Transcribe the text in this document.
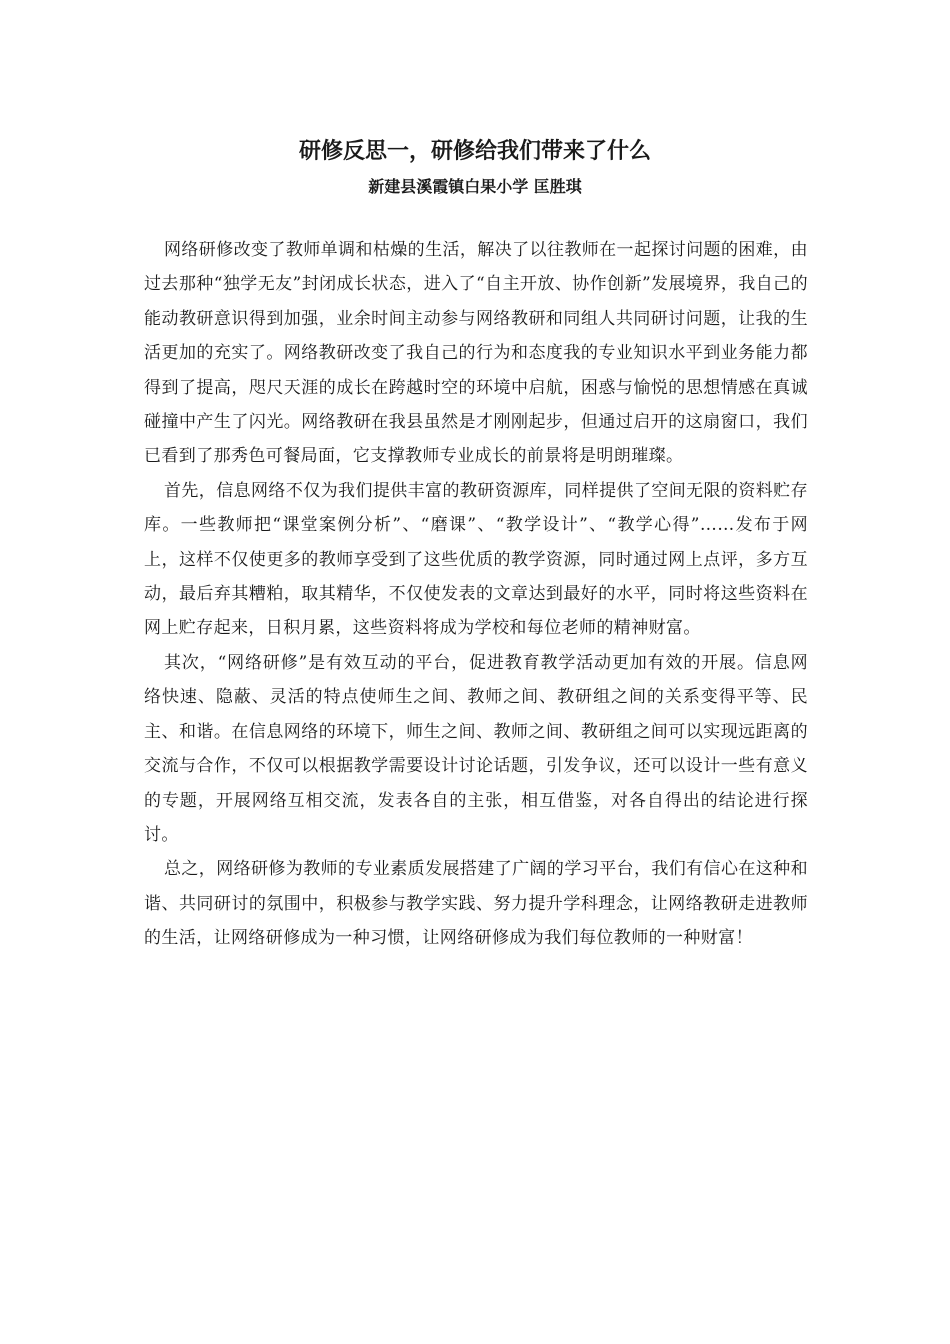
研修反思一，研修给我们带来了什么
新建县溪霞镇白果小学 匡胜琪

网络研修改变了教师单调和枯燥的生活，解决了以往教师在一起探讨问题的困难，由过去那种“独学无友”封闭成长状态，进入了“自主开放、协作创新”发展境界，我自己的能动教研意识得到加强，业余时间主动参与网络教研和同组人共同研讨问题，让我的生活更加的充实了。网络教研改变了我自己的行为和态度我的专业知识水平到业务能力都得到了提高，咫尺天涯的成长在跨越时空的环境中启航，困惑与愉悦的思想情感在真诚碰撞中产生了闪光。网络教研在我县虽然是才刚刚起步，但通过启开的这扇窗口，我们已看到了那秀色可餐局面，它支撑教师专业成长的前景将是明朗璀璨。

首先，信息网络不仅为我们提供丰富的教研资源库，同样提供了空间无限的资料贮存库。一些教师把“课堂案例分析”、“磨课”、“教学设计”、“教学心得”……发布于网上，这样不仅使更多的教师享受到了这些优质的教学资源，同时通过网上点评，多方互动，最后弃其糟粕，取其精华，不仅使发表的文章达到最好的水平，同时将这些资料在网上贮存起来，日积月累，这些资料将成为学校和每位老师的精神财富。

其次，“网络研修”是有效互动的平台，促进教育教学活动更加有效的开展。信息网络快速、隐蔽、灵活的特点使师生之间、教师之间、教研组之间的关系变得平等、民主、和谐。在信息网络的环境下，师生之间、教师之间、教研组之间可以实现远距离的交流与合作，不仅可以根据教学需要设计讨论话题，引发争议，还可以设计一些有意义的专题，开展网络互相交流，发表各自的主张，相互借鉴，对各自得出的结论进行探讨。

总之，网络研修为教师的专业素质发展搭建了广阔的学习平台，我们有信心在这种和谐、共同研讨的氛围中，积极参与教学实践、努力提升学科理念，让网络教研走进教师的生活，让网络研修成为一种习惯，让网络研修成为我们每位教师的一种财富！
